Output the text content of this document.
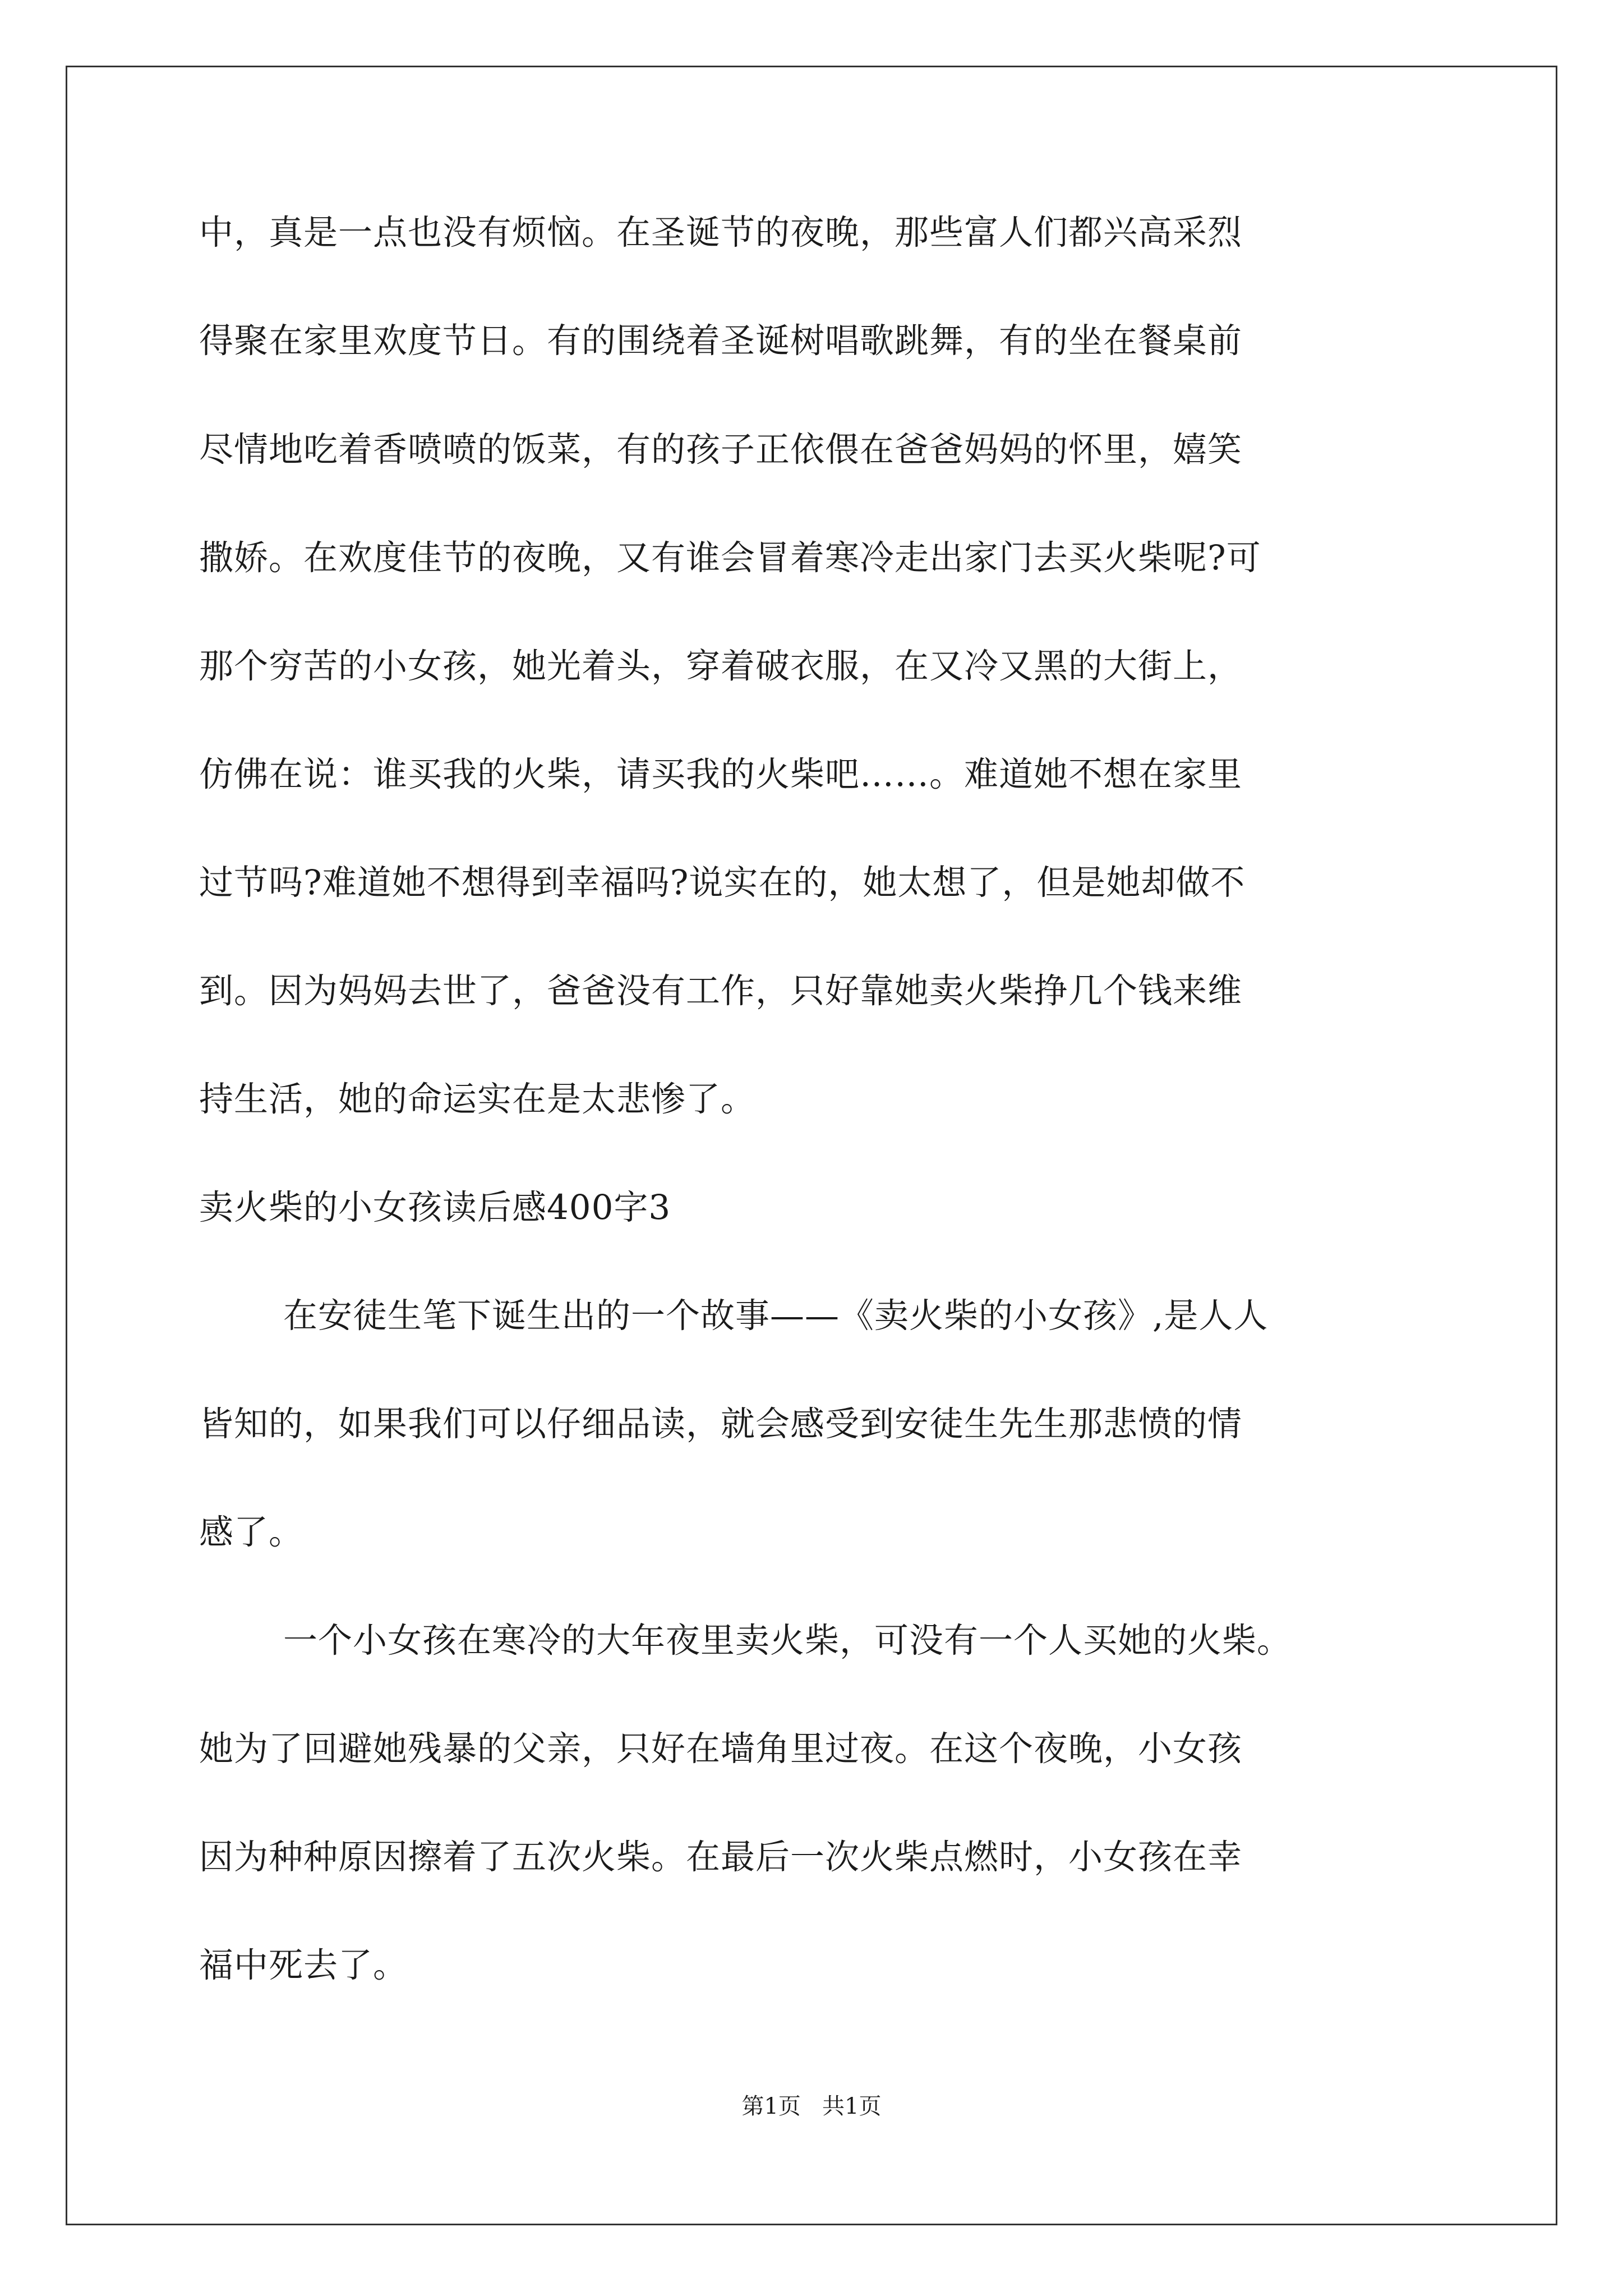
中，真是一点也没有烦恼。在圣诞节的夜晚，那些富人们都兴高采烈
得聚在家里欢度节日。有的围绕着圣诞树唱歌跳舞，有的坐在餐桌前
尽情地吃着香喷喷的饭菜，有的孩子正依偎在爸爸妈妈的怀里，嬉笑
撒娇。在欢度佳节的夜晚，又有谁会冒着寒冷走出家门去买火柴呢?可
那个穷苦的小女孩，她光着头，穿着破衣服，在又冷又黑的大街上，
仿佛在说：谁买我的火柴，请买我的火柴吧……。难道她不想在家里
过节吗?难道她不想得到幸福吗?说实在的，她太想了，但是她却做不
到。因为妈妈去世了，爸爸没有工作，只好靠她卖火柴挣几个钱来维
持生活，她的命运实在是太悲惨了。
卖火柴的小女孩读后感400字3
在安徒生笔下诞生出的一个故事——《卖火柴的小女孩》,是人人
皆知的，如果我们可以仔细品读，就会感受到安徒生先生那悲愤的情
感了。
一个小女孩在寒冷的大年夜里卖火柴，可没有一个人买她的火柴。
她为了回避她残暴的父亲，只好在墙角里过夜。在这个夜晚，小女孩
因为种种原因擦着了五次火柴。在最后一次火柴点燃时，小女孩在幸
福中死去了。
第1页   共1页
